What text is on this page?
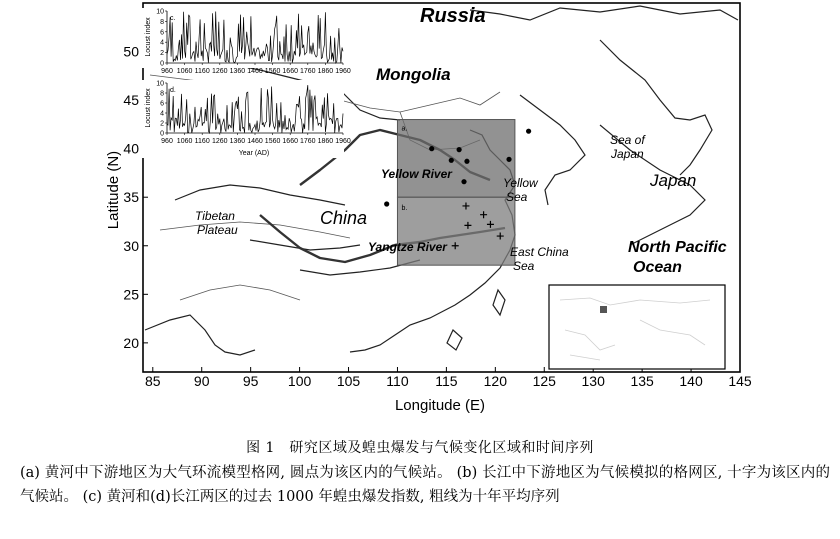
a.
b.
Russia
Mongolia
China
Tibetan
Plateau
Yellow River
Yangtze River
Yellow
Sea
East China
Sea
Sea of
Japan
Japan
North Pacific
Ocean
85 90 95 100 105 110 115 120 125 130 135 140 145
50
45
40
35
30
25
20
Longitude (E)
Latitude (N)
c.
Locust index
0
2
4
6
8
10
960 1060 1160 1260 1360 1460 1560 1660 1760 1860 1960
d.
Locust index
0
2
4
6
8
10
960 1060 1160 1260 1360 1460 1560 1660 1760 1860 1960
Year (AD)
图 1　研究区域及蝗虫爆发与气候变化区域和时间序列
(a) 黄河中下游地区为大气环流模型格网, 圆点为该区内的气候站。 (b) 长江中下游地区为气候模拟的格网区, 十字为该区内的气候站。 (c) 黄河和(d)长江两区的过去 1000 年蝗虫爆发指数, 粗线为十年平均序列
